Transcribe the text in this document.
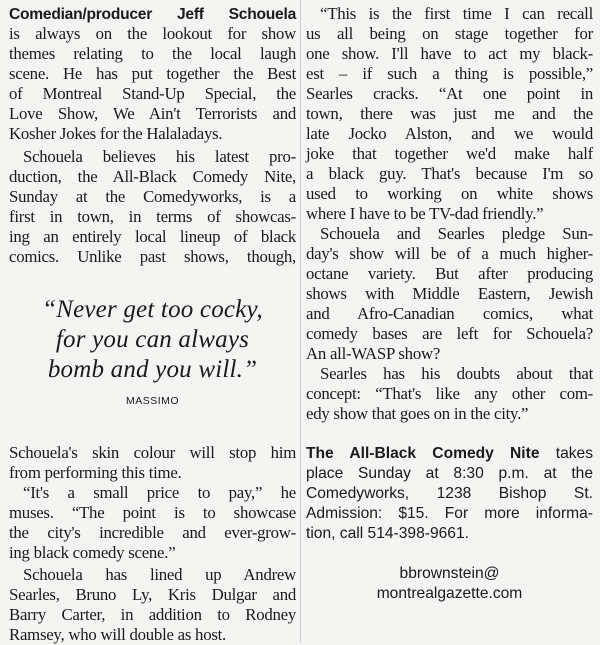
Comedian/producer Jeff Schouela
is always on the lookout for show
themes relating to the local laugh
scene. He has put together the Best
of Montreal Stand-Up Special, the
Love Show, We Ain't Terrorists and
Kosher Jokes for the Halaladays.
Schouela believes his latest pro-
duction, the All-Black Comedy Nite,
Sunday at the Comedyworks, is a
first in town, in terms of showcas-
ing an entirely local lineup of black
comics. Unlike past shows, though,
“Never get too cocky,
for you can always
bomb and you will.”
MASSIMO
Schouela's skin colour will stop him
from performing this time.
“It's a small price to pay,” he
muses. “The point is to showcase
the city's incredible and ever-grow-
ing black comedy scene.”
Schouela has lined up Andrew
Searles, Bruno Ly, Kris Dulgar and
Barry Carter, in addition to Rodney
Ramsey, who will double as host.
“This is the first time I can recall
us all being on stage together for
one show. I'll have to act my black-
est – if such a thing is possible,”
Searles cracks. “At one point in
town, there was just me and the
late Jocko Alston, and we would
joke that together we'd make half
a black guy. That's because I'm so
used to working on white shows
where I have to be TV-dad friendly.”
Schouela and Searles pledge Sun-
day's show will be of a much higher-
octane variety. But after producing
shows with Middle Eastern, Jewish
and Afro-Canadian comics, what
comedy bases are left for Schouela?
An all-WASP show?
Searles has his doubts about that
concept: “That's like any other com-
edy show that goes on in the city.”
The All-Black Comedy Nite takes
place Sunday at 8:30 p.m. at the
Comedyworks, 1238 Bishop St.
Admission: $15. For more informa-
tion, call 514-398-9661.
bbrownstein@
montrealgazette.com
